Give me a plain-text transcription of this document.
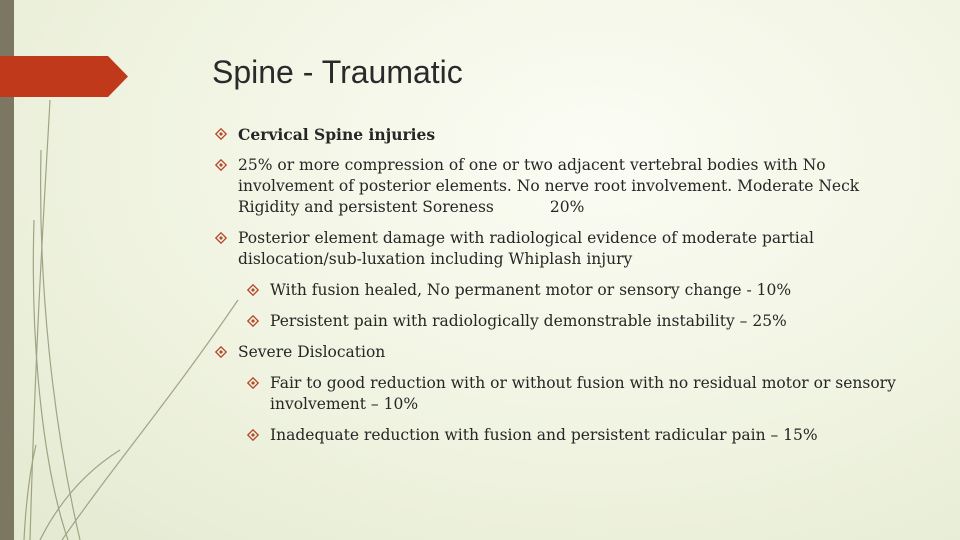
Spine - Traumatic
Cervical Spine injuries
25% or more compression of one or two adjacent vertebral bodies with No involvement of posterior elements. No nerve root involvement. Moderate Neck Rigidity and persistent Soreness	20%
Posterior element damage with radiological evidence of moderate partial dislocation/sub-luxation including Whiplash injury
With fusion healed, No permanent motor or sensory change - 10%
Persistent pain with radiologically demonstrable instability – 25%
Severe Dislocation
Fair to good reduction with or without fusion with no residual motor or sensory involvement – 10%
Inadequate reduction with fusion and persistent radicular pain – 15%
